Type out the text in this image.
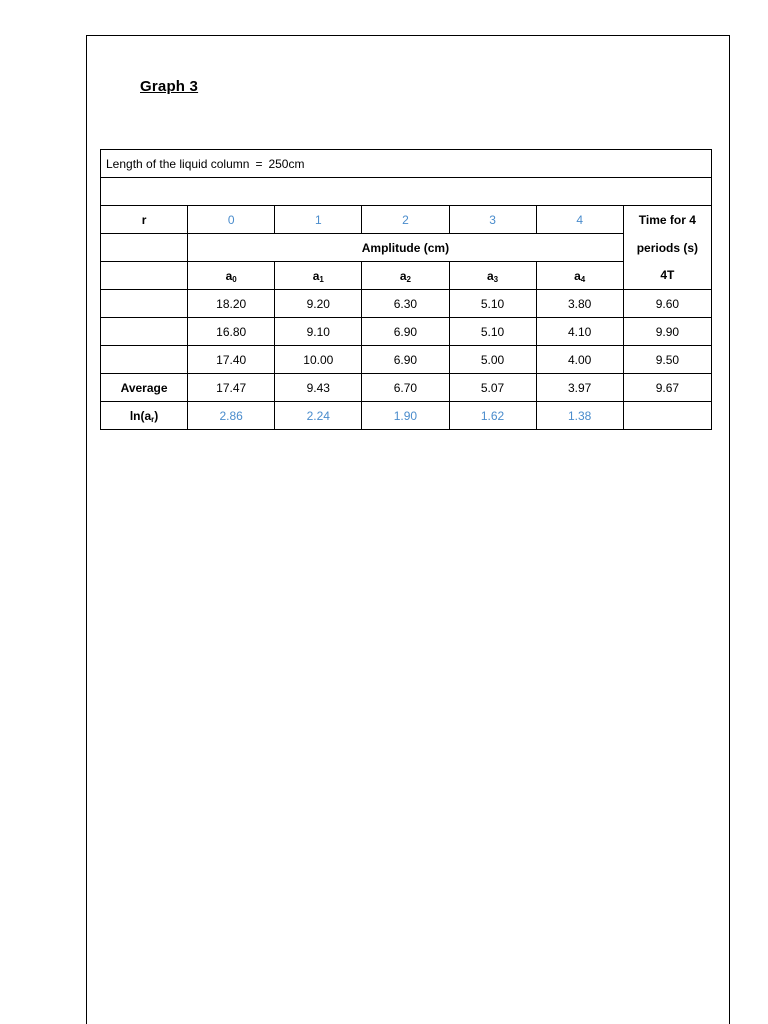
Graph 3
Length of the liquid column = 250cm						

r	0	1	2	3	4	Time for 4
	Amplitude (cm)					periods (s)
	$a_0$	$a_1$	$a_2$	$a_3$	$a_4$	4T
	18.20	9.20	6.30	5.10	3.80	9.60
	16.80	9.10	6.90	5.10	4.10	9.90
	17.40	10.00	6.90	5.00	4.00	9.50
Average	17.47	9.43	6.70	5.07	3.97	9.67
$\ln(a_r)$	2.86	2.24	1.90	1.62	1.38	
